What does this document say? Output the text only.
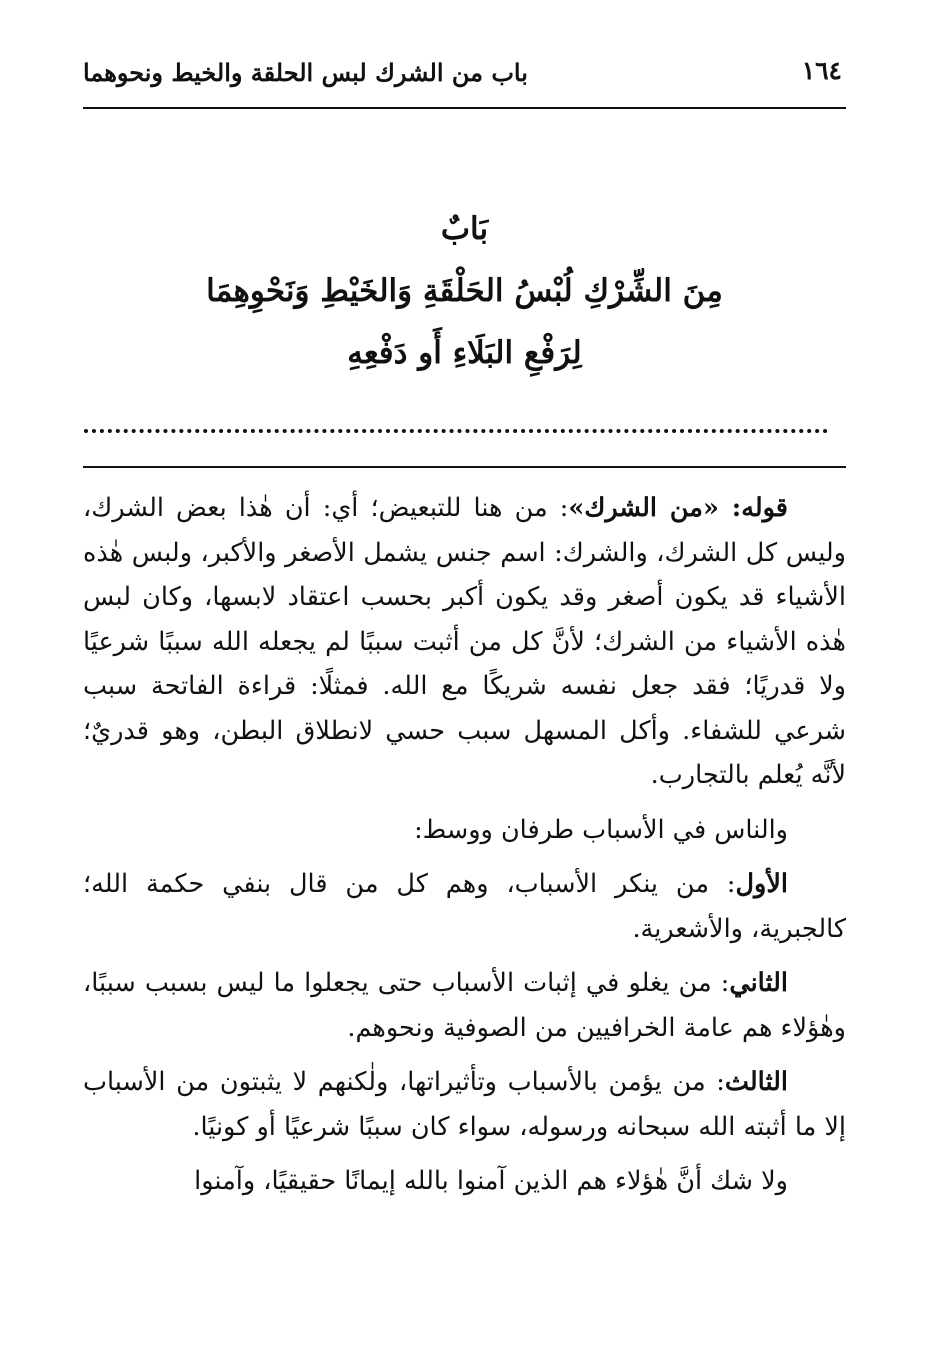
١٦٤
باب من الشرك لبس الحلقة والخيط ونحوهما
بَابٌ
مِنَ الشِّرْكِ لُبْسُ الحَلْقَةِ وَالخَيْطِ وَنَحْوِهِمَا
لِرَفْعِ البَلَاءِ أَو دَفْعِهِ

قوله: «من الشرك»: من هنا للتبعيض؛ أي: أن هٰذا بعض الشرك، وليس كل الشرك، والشرك: اسم جنس يشمل الأصغر والأكبر، ولبس هٰذه الأشياء قد يكون أصغر وقد يكون أكبر بحسب اعتقاد لابسها، وكان لبس هٰذه الأشياء من الشرك؛ لأنَّ كل من أثبت سببًا لم يجعله الله سببًا شرعيًا ولا قدريًا؛ فقد جعل نفسه شريكًا مع الله. فمثلًا: قراءة الفاتحة سبب شرعي للشفاء. وأكل المسهل سبب حسي لانطلاق البطن، وهو قدريٌ؛ لأنَّه يُعلم بالتجارب.

والناس في الأسباب طرفان ووسط:

الأول: من ينكر الأسباب، وهم كل من قال بنفي حكمة الله؛ كالجبرية، والأشعرية.

الثاني: من يغلو في إثبات الأسباب حتى يجعلوا ما ليس بسبب سببًا، وهٰؤلاء هم عامة الخرافيين من الصوفية ونحوهم.

الثالث: من يؤمن بالأسباب وتأثيراتها، ولٰكنهم لا يثبتون من الأسباب إلا ما أثبته الله سبحانه ورسوله، سواء كان سببًا شرعيًا أو كونيًا.

ولا شك أنَّ هٰؤلاء هم الذين آمنوا بالله إيمانًا حقيقيًا، وآمنوا
